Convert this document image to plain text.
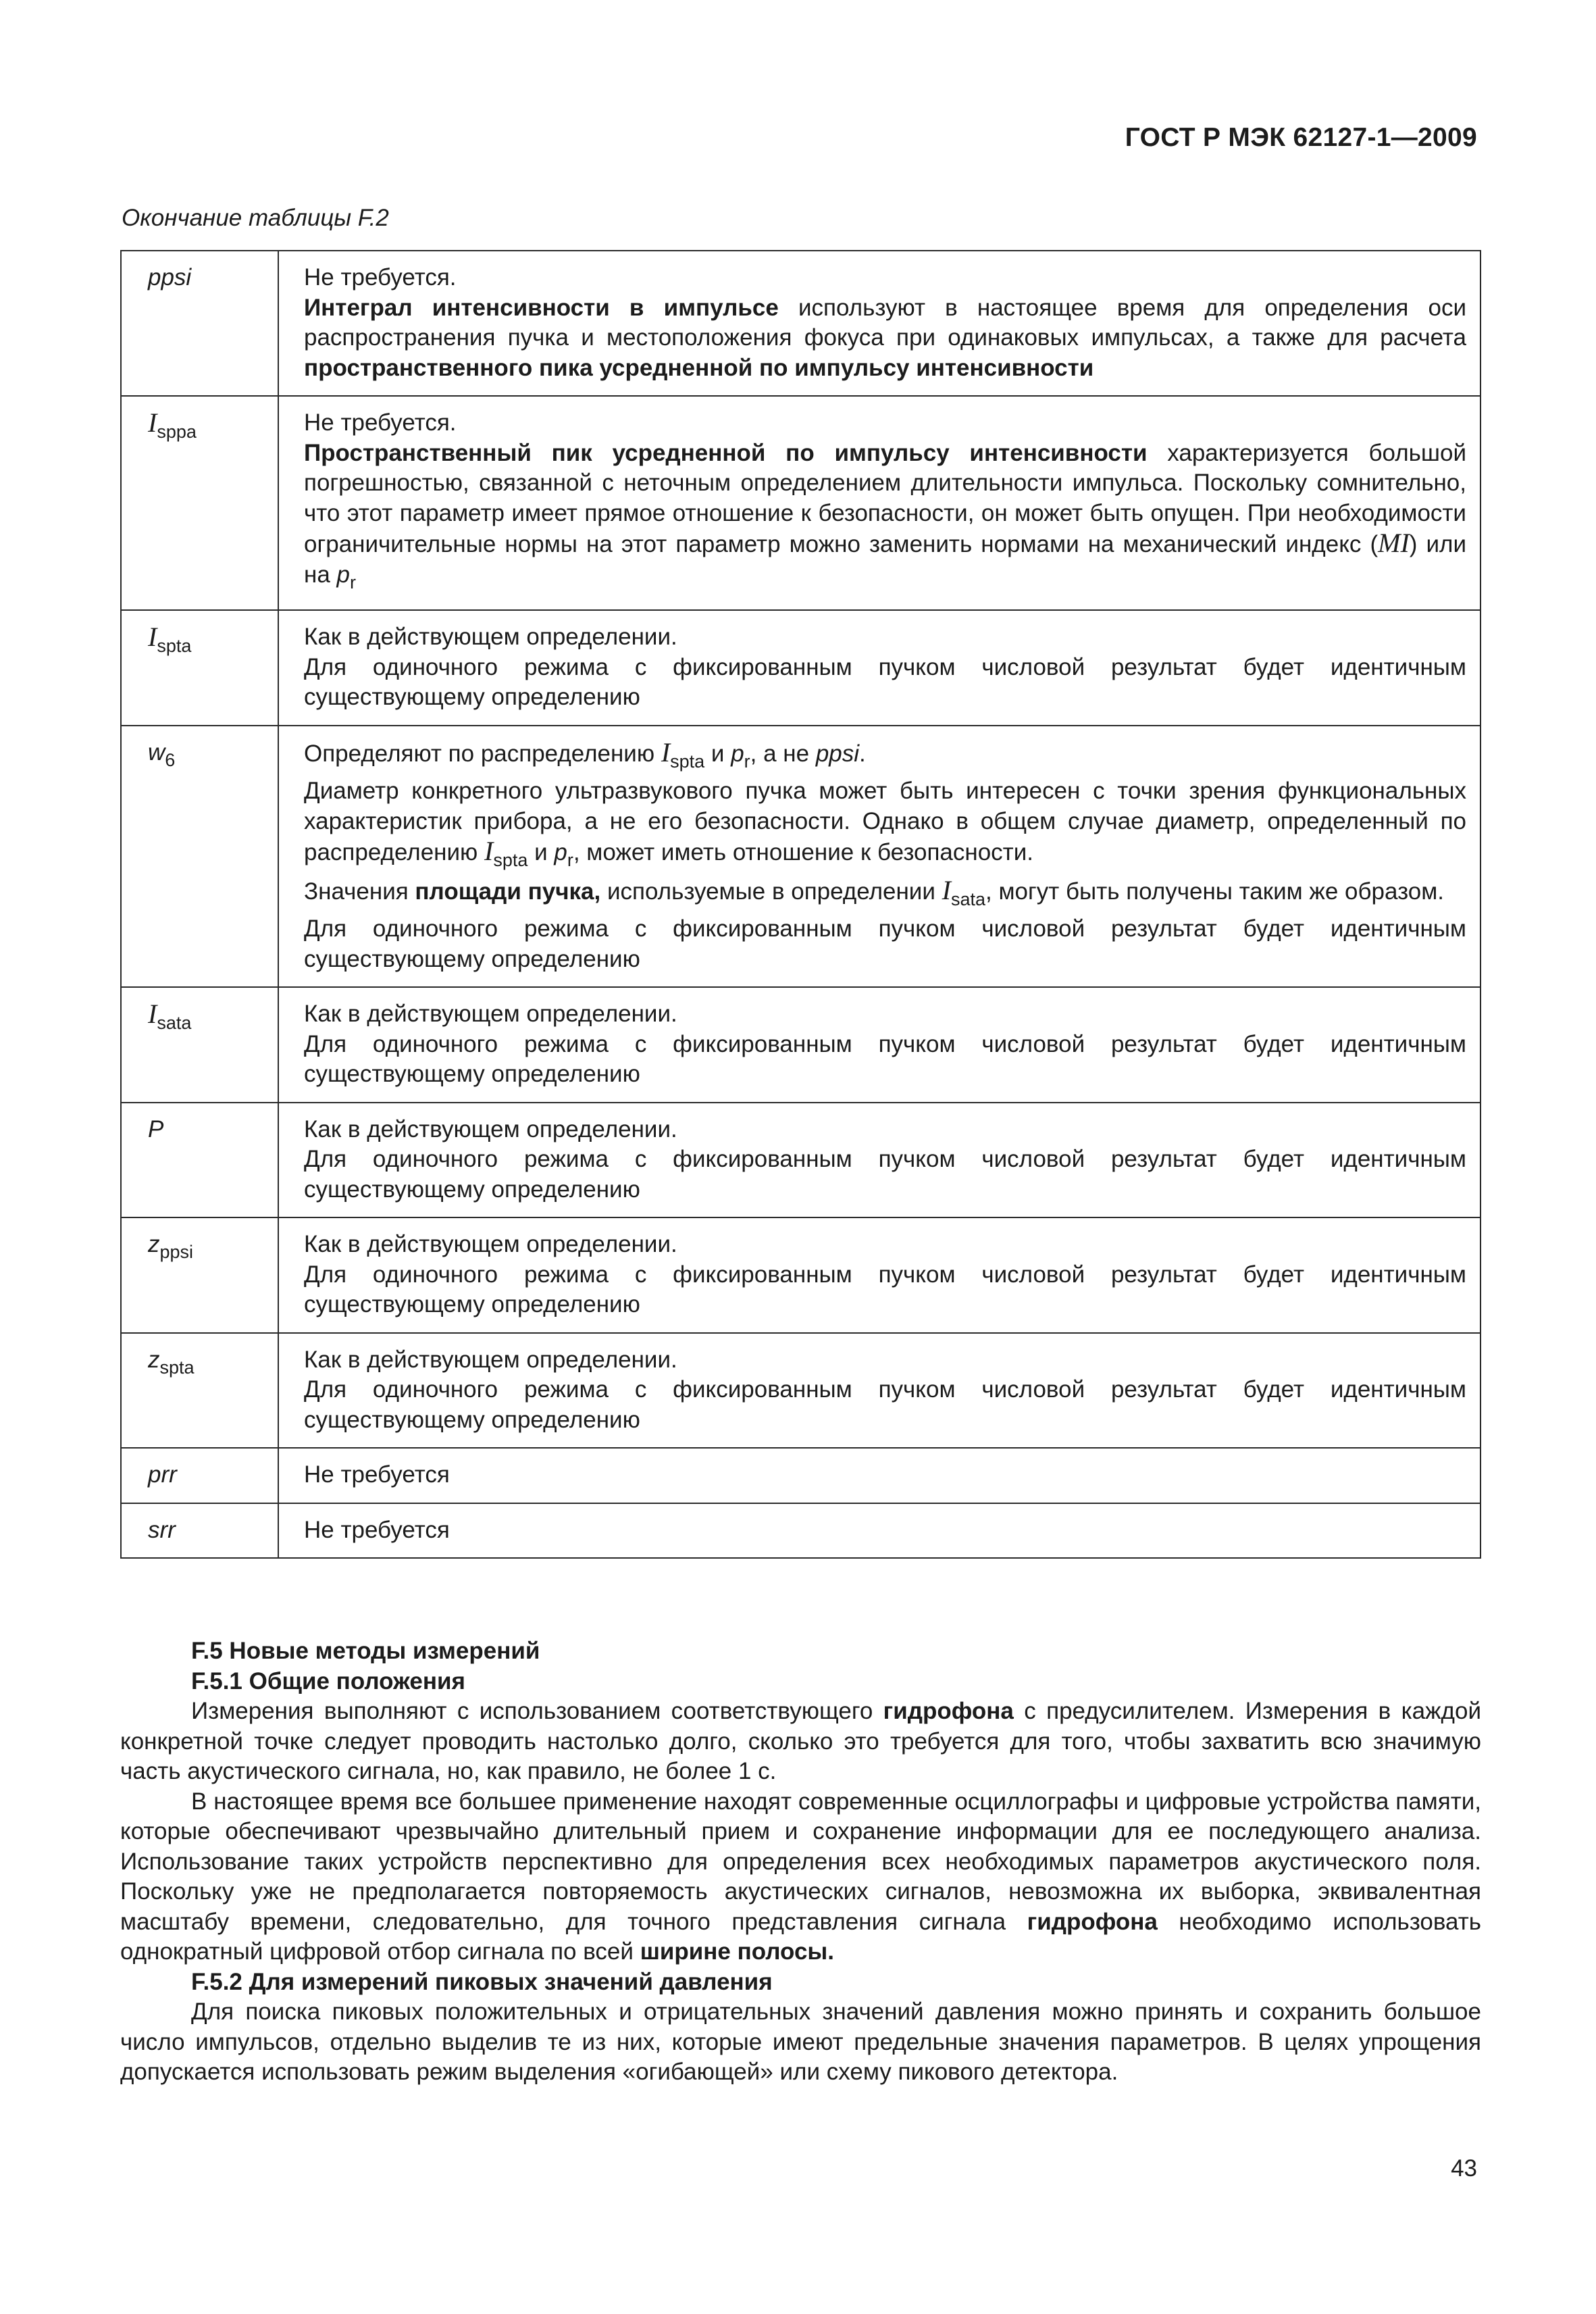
ГОСТ Р МЭК 62127-1—2009
Окончание таблицы F.2
ppsi	Не требуется.
Интеграл интенсивности в импульсе используют в настоящее время для определения оси распространения пучка и местоположения фокуса при одинаковых импульсах, а также для расчета пространственного пика усредненной по импульсу интенсивности

$I_{sppa}$	Не требуется.
Пространственный пик усредненной по импульсу интенсивности характеризуется большой погрешностью, связанной с неточным определением длительности импульса. Поскольку сомнительно, что этот параметр имеет прямое отношение к безопасности, он может быть опущен. При необходимости ограничительные нормы на этот параметр можно заменить нормами на механический индекс (MI) или на $p_r$

$I_{spta}$	Как в действующем определении.
Для одиночного режима с фиксированным пучком числовой результат будет идентичным существующему определению

$w_6$	Определяют по распределению $I_{spta}$ и $p_r$, а не ppsi.
Диаметр конкретного ультразвукового пучка может быть интересен с точки зрения функциональных характеристик прибора, а не его безопасности. Однако в общем случае диаметр, определенный по распределению $I_{spta}$ и $p_r$, может иметь отношение к безопасности.
Значения площади пучка, используемые в определении $I_{sata}$, могут быть получены таким же образом.
Для одиночного режима с фиксированным пучком числовой результат будет идентичным существующему определению

$I_{sata}$	Как в действующем определении.
Для одиночного режима с фиксированным пучком числовой результат будет идентичным существующему определению

P	Как в действующем определении.
Для одиночного режима с фиксированным пучком числовой результат будет идентичным существующему определению

$z_{ppsi}$	Как в действующем определении.
Для одиночного режима с фиксированным пучком числовой результат будет идентичным существующему определению

$z_{spta}$	Как в действующем определении.
Для одиночного режима с фиксированным пучком числовой результат будет идентичным существующему определению

prr	Не требуется

srr	Не требуется

F.5 Новые методы измерений

F.5.1 Общие положения

Измерения выполняют с использованием соответствующего гидрофона с предусилителем. Измерения в каждой конкретной точке следует проводить настолько долго, сколько это требуется для того, чтобы захватить всю значимую часть акустического сигнала, но, как правило, не более 1 с.

В настоящее время все большее применение находят современные осциллографы и цифровые устройства памяти, которые обеспечивают чрезвычайно длительный прием и сохранение информации для ее последующего анализа. Использование таких устройств перспективно для определения всех необходимых параметров акустического поля. Поскольку уже не предполагается повторяемость акустических сигналов, невозможна их выборка, эквивалентная масштабу времени, следовательно, для точного представления сигнала гидрофона необходимо использовать однократный цифровой отбор сигнала по всей ширине полосы.

F.5.2 Для измерений пиковых значений давления

Для поиска пиковых положительных и отрицательных значений давления можно принять и сохранить большое число импульсов, отдельно выделив те из них, которые имеют предельные значения параметров. В целях упрощения допускается использовать режим выделения «огибающей» или схему пикового детектора.

43
